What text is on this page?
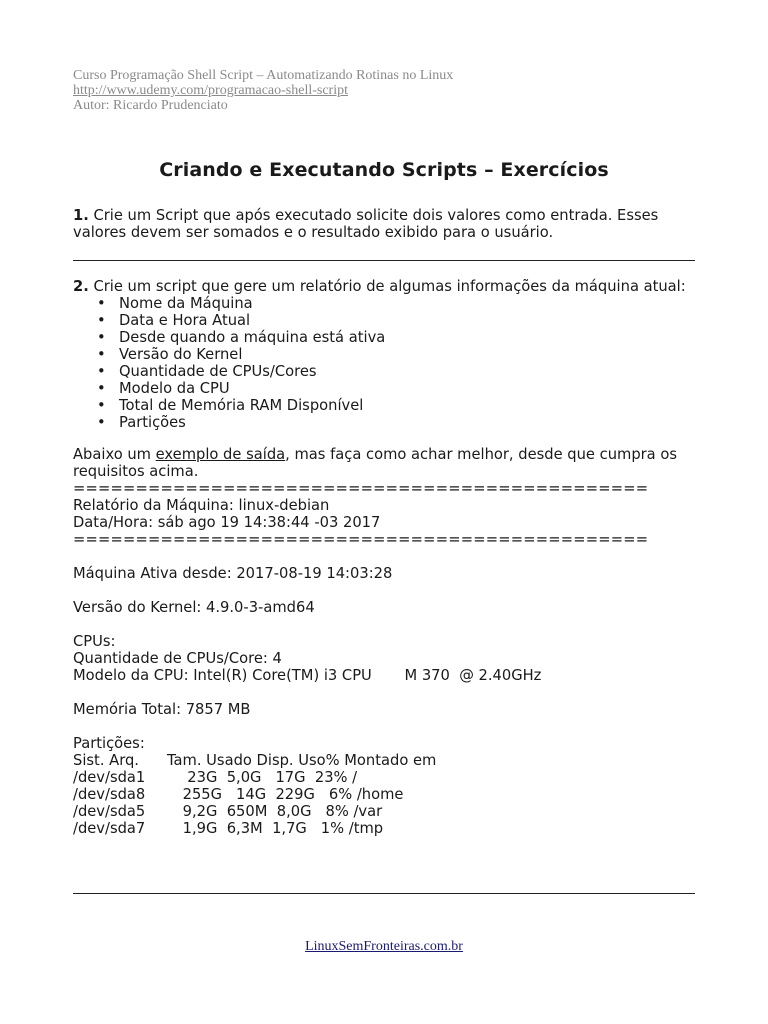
Curso Programação Shell Script – Automatizando Rotinas no Linux
http://www.udemy.com/programacao-shell-script
Autor: Ricardo Prudenciato
Criando e Executando Scripts – Exercícios
1. Crie um Script que após executado solicite dois valores como entrada. Esses valores devem ser somados e o resultado exibido para o usuário.
2. Crie um script que gere um relatório de algumas informações da máquina atual:
• Nome da Máquina
• Data e Hora Atual
• Desde quando a máquina está ativa
• Versão do Kernel
• Quantidade de CPUs/Cores
• Modelo da CPU
• Total de Memória RAM Disponível
• Partições
Abaixo um exemplo de saída, mas faça como achar melhor, desde que cumpra os requisitos acima.
==============================================
Relatório da Máquina: linux-debian
Data/Hora: sáb ago 19 14:38:44 -03 2017
==============================================
Máquina Ativa desde: 2017-08-19 14:03:28
Versão do Kernel: 4.9.0-3-amd64
CPUs:
Quantidade de CPUs/Core: 4
Modelo da CPU: Intel(R) Core(TM) i3 CPU       M 370  @ 2.40GHz
Memória Total: 7857 MB
Partições:
Sist. Arq.      Tam. Usado Disp. Uso% Montado em
/dev/sda1         23G  5,0G   17G  23% /
/dev/sda8        255G   14G  229G   6% /home
/dev/sda5        9,2G  650M  8,0G   8% /var
/dev/sda7        1,9G  6,3M  1,7G   1% /tmp
LinuxSemFronteiras.com.br
